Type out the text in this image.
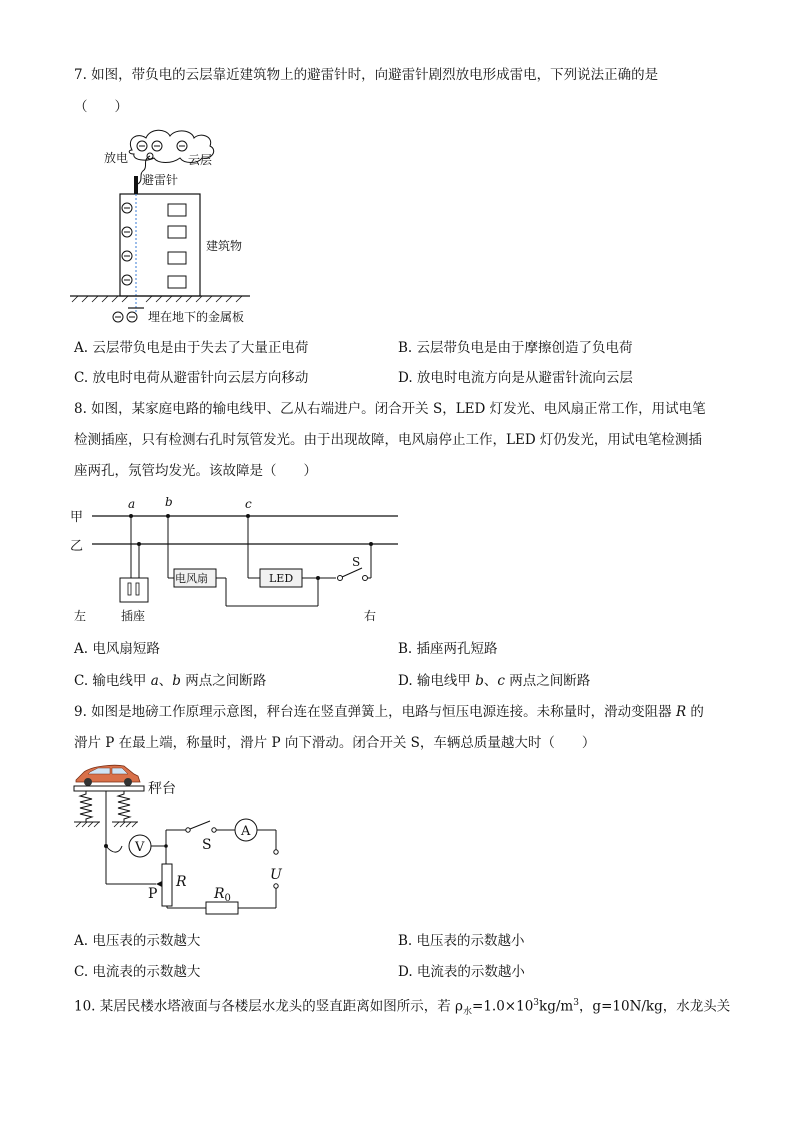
7. 如图，带负电的云层靠近建筑物上的避雷针时，向避雷针剧烈放电形成雷电，下列说法正确的是
（　　）
放电	云层
避雷针
建筑物
埋在地下的金属板
A. 云层带负电是由于失去了大量正电荷	B. 云层带负电是由于摩擦创造了负电荷
C. 放电时电荷从避雷针向云层方向移动	D. 放电时电流方向是从避雷针流向云层
8. 如图，某家庭电路的输电线甲、乙从右端进户。闭合开关 S，LED 灯发光、电风扇正常工作，用试电笔
检测插座，只有检测右孔时氖管发光。由于出现故障，电风扇停止工作，LED 灯仍发光，用试电笔检测插
座两孔，氖管均发光。该故障是（　　）
甲
乙
a b	c
插座
电风扇	LED
S
左	右
A. 电风扇短路	B. 插座两孔短路
C. 输电线甲 a、b 两点之间断路	D. 输电线甲 b、c 两点之间断路
9. 如图是地磅工作原理示意图，秤台连在竖直弹簧上，电路与恒压电源连接。未称量时，滑动变阻器 R 的
滑片 P 在最上端，称量时，滑片 P 向下滑动。闭合开关 S，车辆总质量越大时（　　）
秤台
P
V
R
S
A
U
$R_0$
A. 电压表的示数越大	B. 电压表的示数越小
C. 电流表的示数越大	D. 电流表的示数越小
10. 某居民楼水塔液面与各楼层水龙头的竖直距离如图所示，若 $\rho_水=1.0\times 10^3kg/m^3$，g=10N/kg，水龙头关
